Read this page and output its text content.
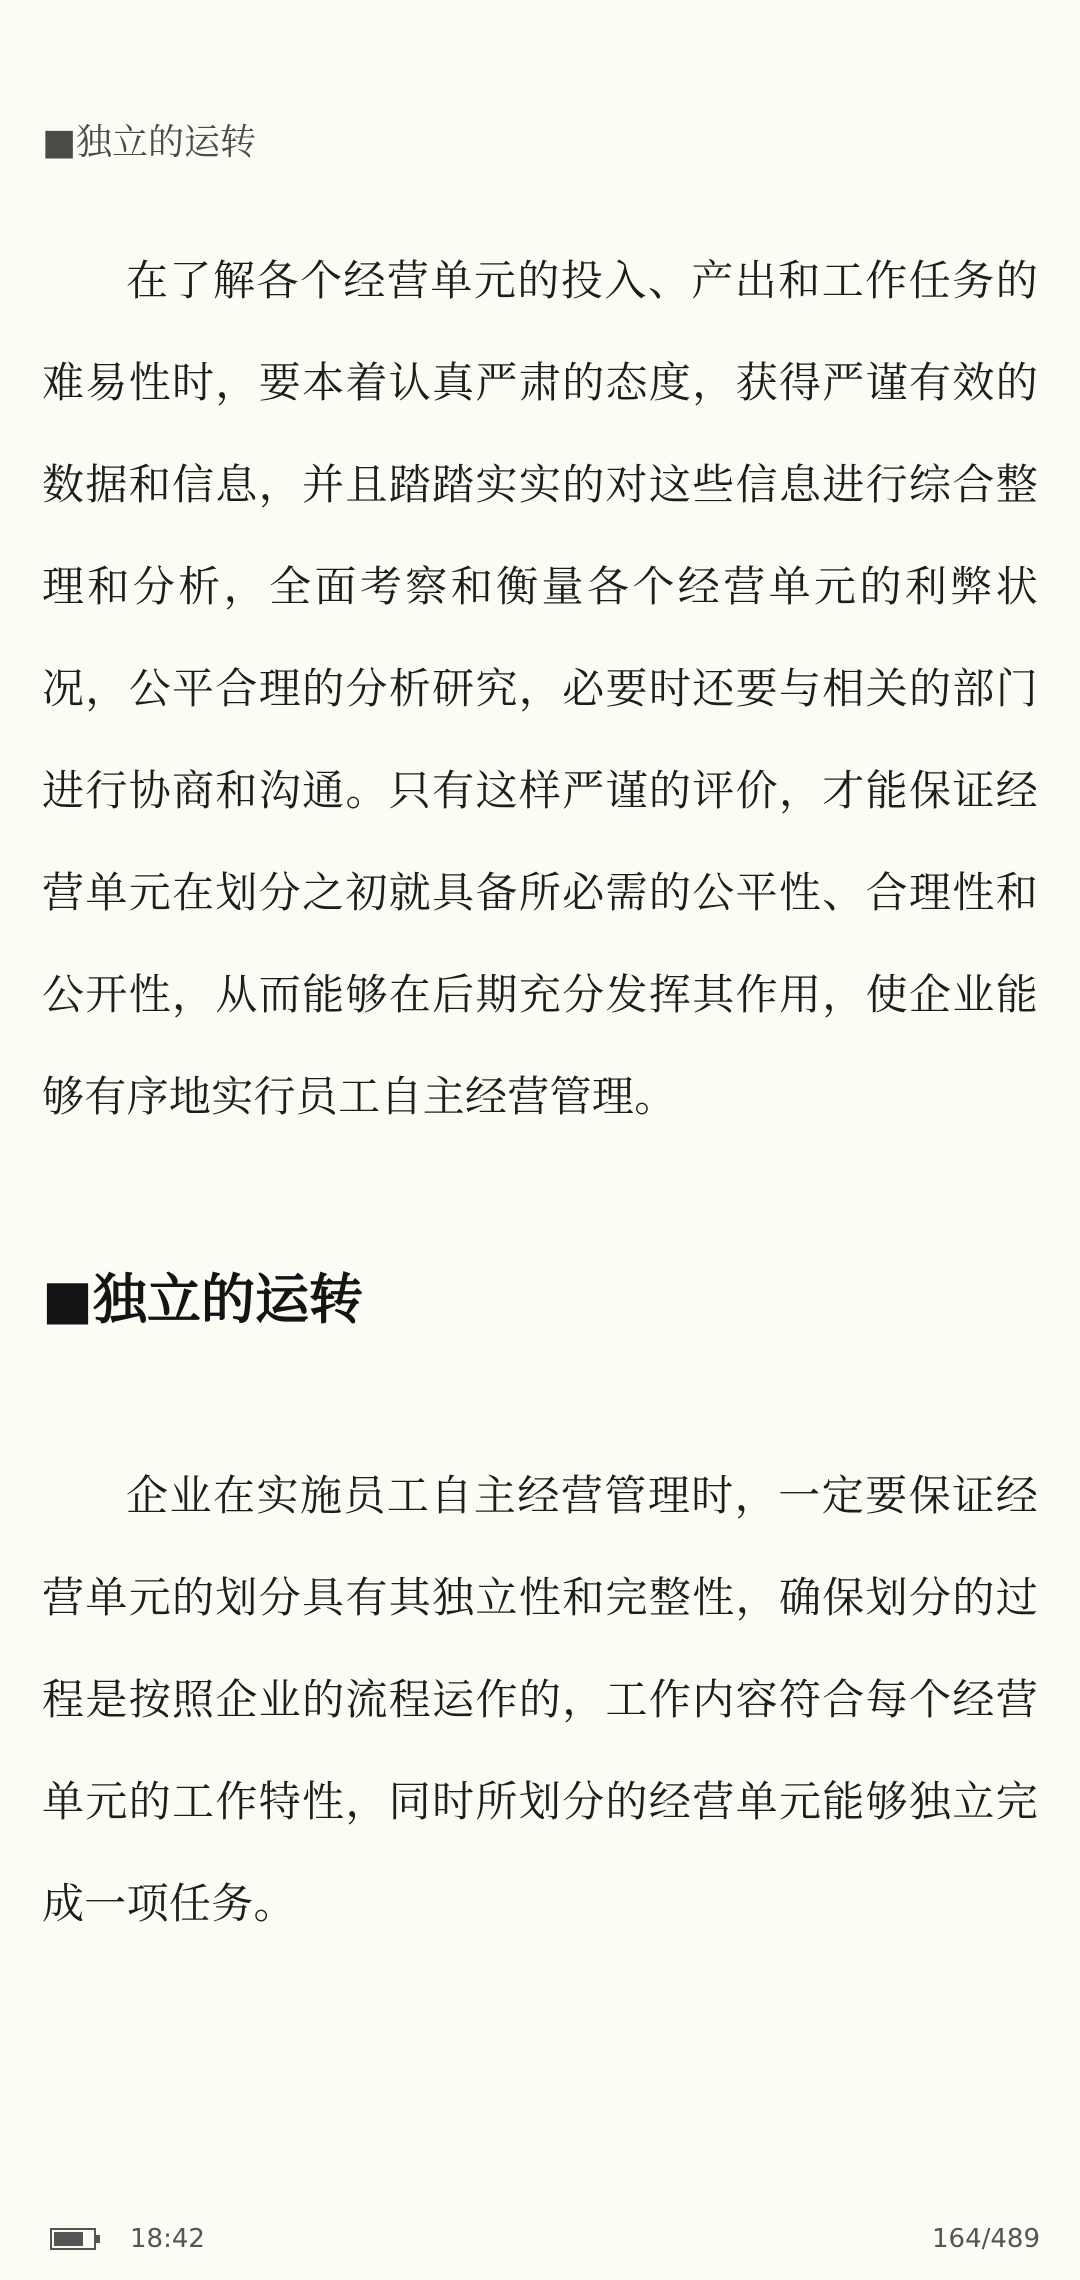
■独立的运转

在了解各个经营单元的投入、产出和工作任务的难易性时，要本着认真严肃的态度，获得严谨有效的数据和信息，并且踏踏实实的对这些信息进行综合整理和分析，全面考察和衡量各个经营单元的利弊状况，公平合理的分析研究，必要时还要与相关的部门进行协商和沟通。只有这样严谨的评价，才能保证经营单元在划分之初就具备所必需的公平性、合理性和公开性，从而能够在后期充分发挥其作用，使企业能够有序地实行员工自主经营管理。

■独立的运转

企业在实施员工自主经营管理时，一定要保证经营单元的划分具有其独立性和完整性，确保划分的过程是按照企业的流程运作的，工作内容符合每个经营单元的工作特性，同时所划分的经营单元能够独立完成一项任务。

18:42	164/489
